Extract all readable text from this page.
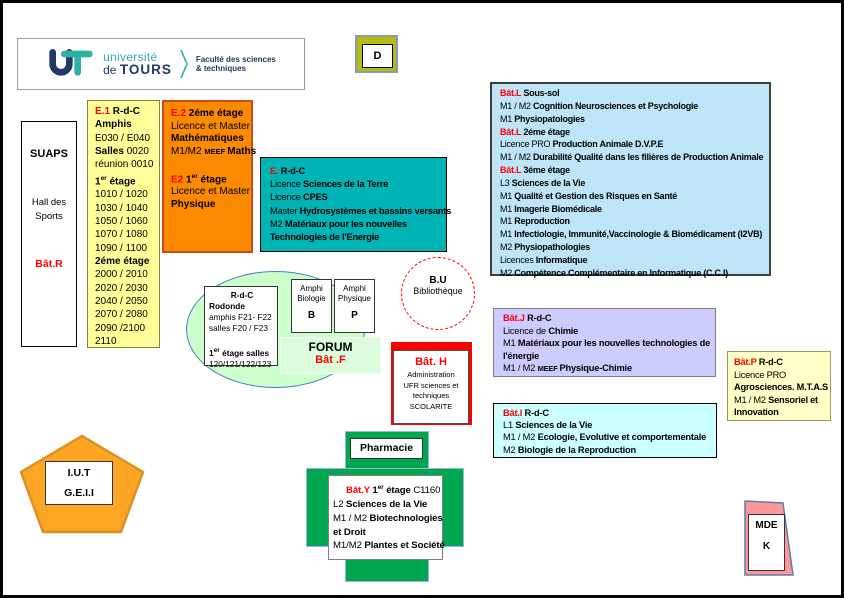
université
de TOURS
Faculté des sciences
& techniques
D
SUAPS
Hall des
Sports
Bât.R
E.1 R-d-C
Amphis
E030 / E040
Salles 0020
réunion 0010
1er étage
1010 / 1020
1030 / 1040
1050 / 1060
1070 / 1080
1090 / 1100
2éme étage
2000 / 2010
2020 / 2030
2040 / 2050
2070 / 2080
2090 /2100
2110
E.2 2éme étage
Licence et Master
Mathématiques
M1/M2 MEEF Maths

E2 1er étage
Licence et Master
Physique
E. R-d-C
Licence Sciences de la Terre
Licence CPES
Master Hydrosystèmes et bassins versants
M2 Matériaux pour les nouvelles
Technologies de l'Energie
Bât.L Sous-sol
M1 / M2 Cognition Neurosciences et Psychologie
M1 Physiopatologies
Bât.L 2éme étage
Licence PRO Production Animale D.V.P.E
M1 / M2 Durabilité Qualité dans les filières de Production Animale
Bât.L 3éme étage
L3 Sciences de la Vie
M1 Qualité et Gestion des Risques en Santé
M1 Imagerie Biomédicale
M1 Reproduction
M1 Infectiologie, Immunité,Vaccinologie & Biomédicament (I2VB)
M2 Physiopathologies
Licences Informatique
M2 Compétence Complémentaire en Informatique (C.C.I)
R-d-C
Rodonde
amphis F21- F22
salles F20 / F23

1er étage salles
120/121/122/123
Amphi
Biologie
B
Amphi
Physique
P
FORUM
Bât .F
B.U
Bibliothèque
Bât. H
Administration
UFR sciences et
techniques
SCOLARITE
Bât.J R-d-C
Licence de Chimie
M1 Matériaux pour les nouvelles technologies de
l'énergie
M1 / M2 MEEF Physique-Chimie
Bât.P R-d-C
Licence PRO
Agrosciences. M.T.A.S
M1 / M2 Sensoriel et
Innovation
Bât.I R-d-C
L1 Sciences de la Vie
M1 / M2 Ecologie, Evolutive et comportementale
M2 Biologie de la Reproduction
Pharmacie
Bât.Y 1er étage C1160
L2 Sciences de la Vie
M1 / M2 Biotechnologies
et Droit
M1/M2 Plantes et Société
I.U.T
G.E.I.I
MDE
K
